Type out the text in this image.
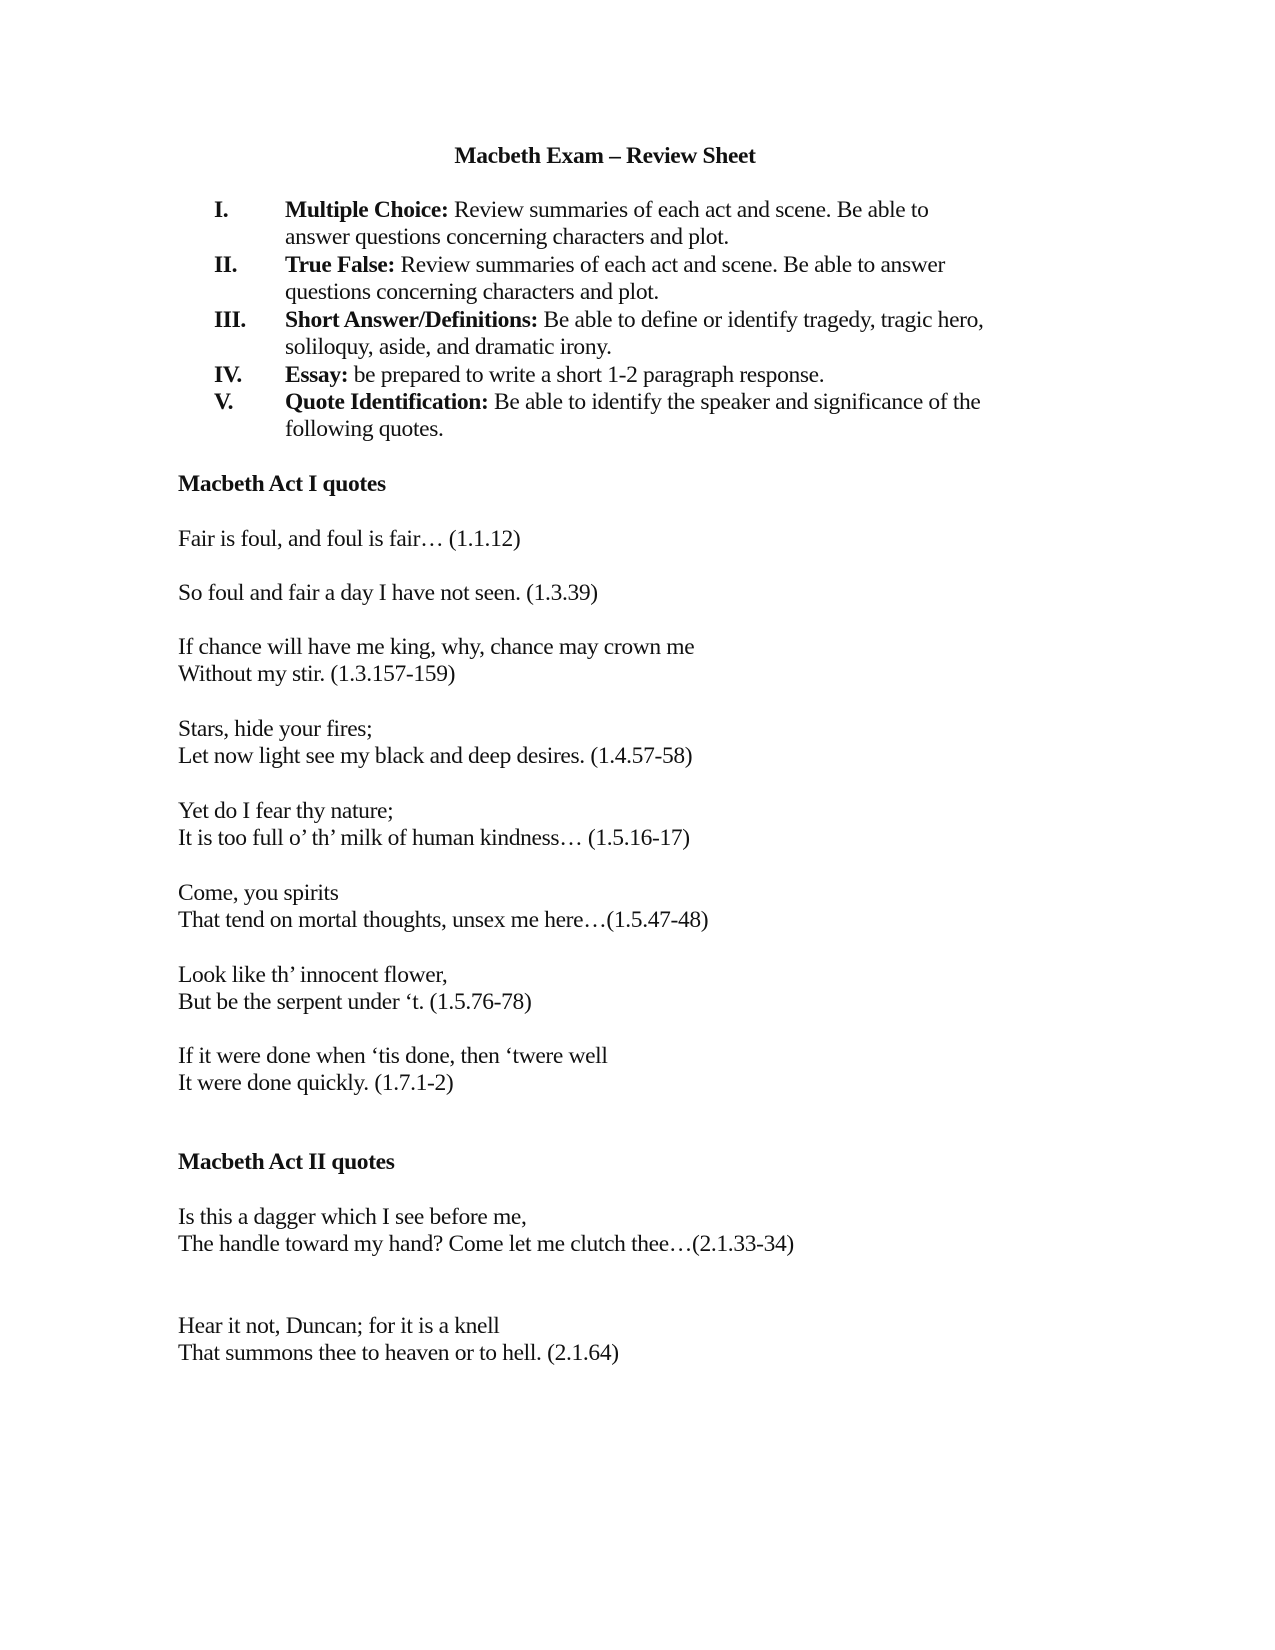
Macbeth Exam – Review Sheet
I. Multiple Choice: Review summaries of each act and scene. Be able to
answer questions concerning characters and plot.
II. True False: Review summaries of each act and scene. Be able to answer
questions concerning characters and plot.
III. Short Answer/Definitions: Be able to define or identify tragedy, tragic hero,
soliloquy, aside, and dramatic irony.
IV. Essay: be prepared to write a short 1-2 paragraph response.
V. Quote Identification: Be able to identify the speaker and significance of the
following quotes.
Macbeth Act I quotes
Fair is foul, and foul is fair… (1.1.12)
So foul and fair a day I have not seen. (1.3.39)
If chance will have me king, why, chance may crown me
Without my stir. (1.3.157-159)
Stars, hide your fires;
Let now light see my black and deep desires. (1.4.57-58)
Yet do I fear thy nature;
It is too full o’ th’ milk of human kindness… (1.5.16-17)
Come, you spirits
That tend on mortal thoughts, unsex me here…(1.5.47-48)
Look like th’ innocent flower,
But be the serpent under ‘t. (1.5.76-78)
If it were done when ‘tis done, then ‘twere well
It were done quickly. (1.7.1-2)
Macbeth Act II quotes
Is this a dagger which I see before me,
The handle toward my hand? Come let me clutch thee…(2.1.33-34)
Hear it not, Duncan; for it is a knell
That summons thee to heaven or to hell. (2.1.64)
